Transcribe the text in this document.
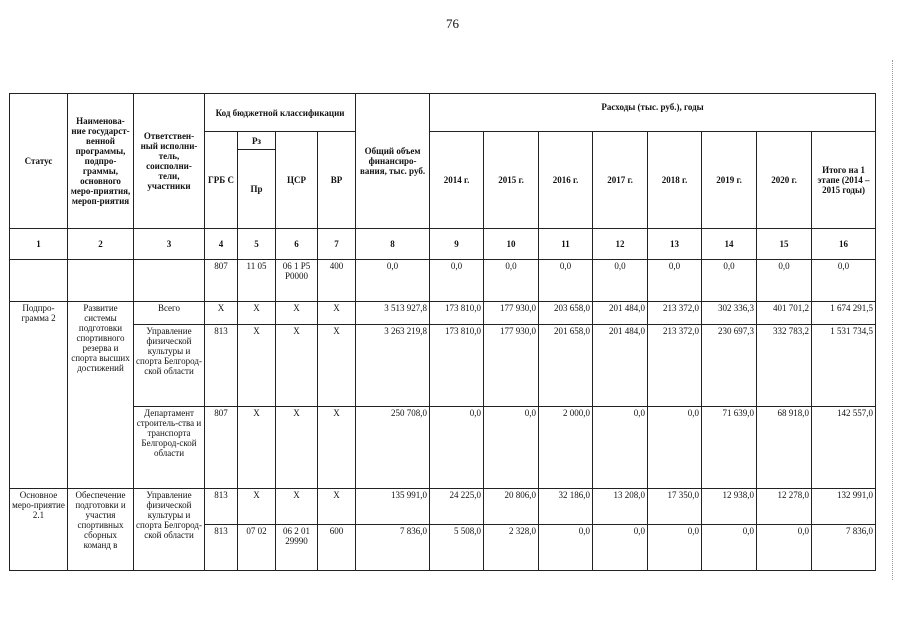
76
Статус	Наименова-ние государст-венной программы, подпро-граммы, основного меро-приятия, мероп-риятия	Ответствен-ный исполни-тель, соисполни-тели, участники	Код бюджетной классификации				Общий объем финансиро-вания, тыс. руб.	Расходы (тыс. руб.), годы							
			ГРБ С	Рз	ЦСР	ВР		2014 г.	2015 г.	2016 г.	2017 г.	2018 г.	2019 г.	2020 г.	Итого на 1 этапе (2014 – 2015 годы)
				Пр											
1	2	3	4	5	6	7	8	9	10	11	12	13	14	15	16
			807	11 05	06 1 Р5 Р0000	400	0,0	0,0	0,0	0,0	0,0	0,0	0,0	0,0	0,0
Подпро-грамма 2	Развитие системы подготовки спортивного резерва и спорта высших достижений	Всего	Х	Х	Х	Х	3 513 927,8	173 810,0	177 930,0	203 658,0	201 484,0	213 372,0	302 336,3	401 701,2	1 674 291,5
		Управление физической культуры и спорта Белгород-ской области	813	Х	Х	Х	3 263 219,8	173 810,0	177 930,0	201 658,0	201 484,0	213 372,0	230 697,3	332 783,2	1 531 734,5
		Департамент строитель-ства и транспорта Белгород-ской области	807	Х	Х	Х	250 708,0	0,0	0,0	2 000,0	0,0	0,0	71 639,0	68 918,0	142 557,0
Основное меро-приятие 2.1	Обеспечение подготовки и участия спортивных сборных команд в	Управление физической культуры и спорта Белгород-ской области	813	Х	Х	Х	135 991,0	24 225,0	20 806,0	32 186,0	13 208,0	17 350,0	12 938,0	12 278,0	132 991,0
			813	07 02	06 2 01 29990	600	7 836,0	5 508,0	2 328,0	0,0	0,0	0,0	0,0	0,0	7 836,0
